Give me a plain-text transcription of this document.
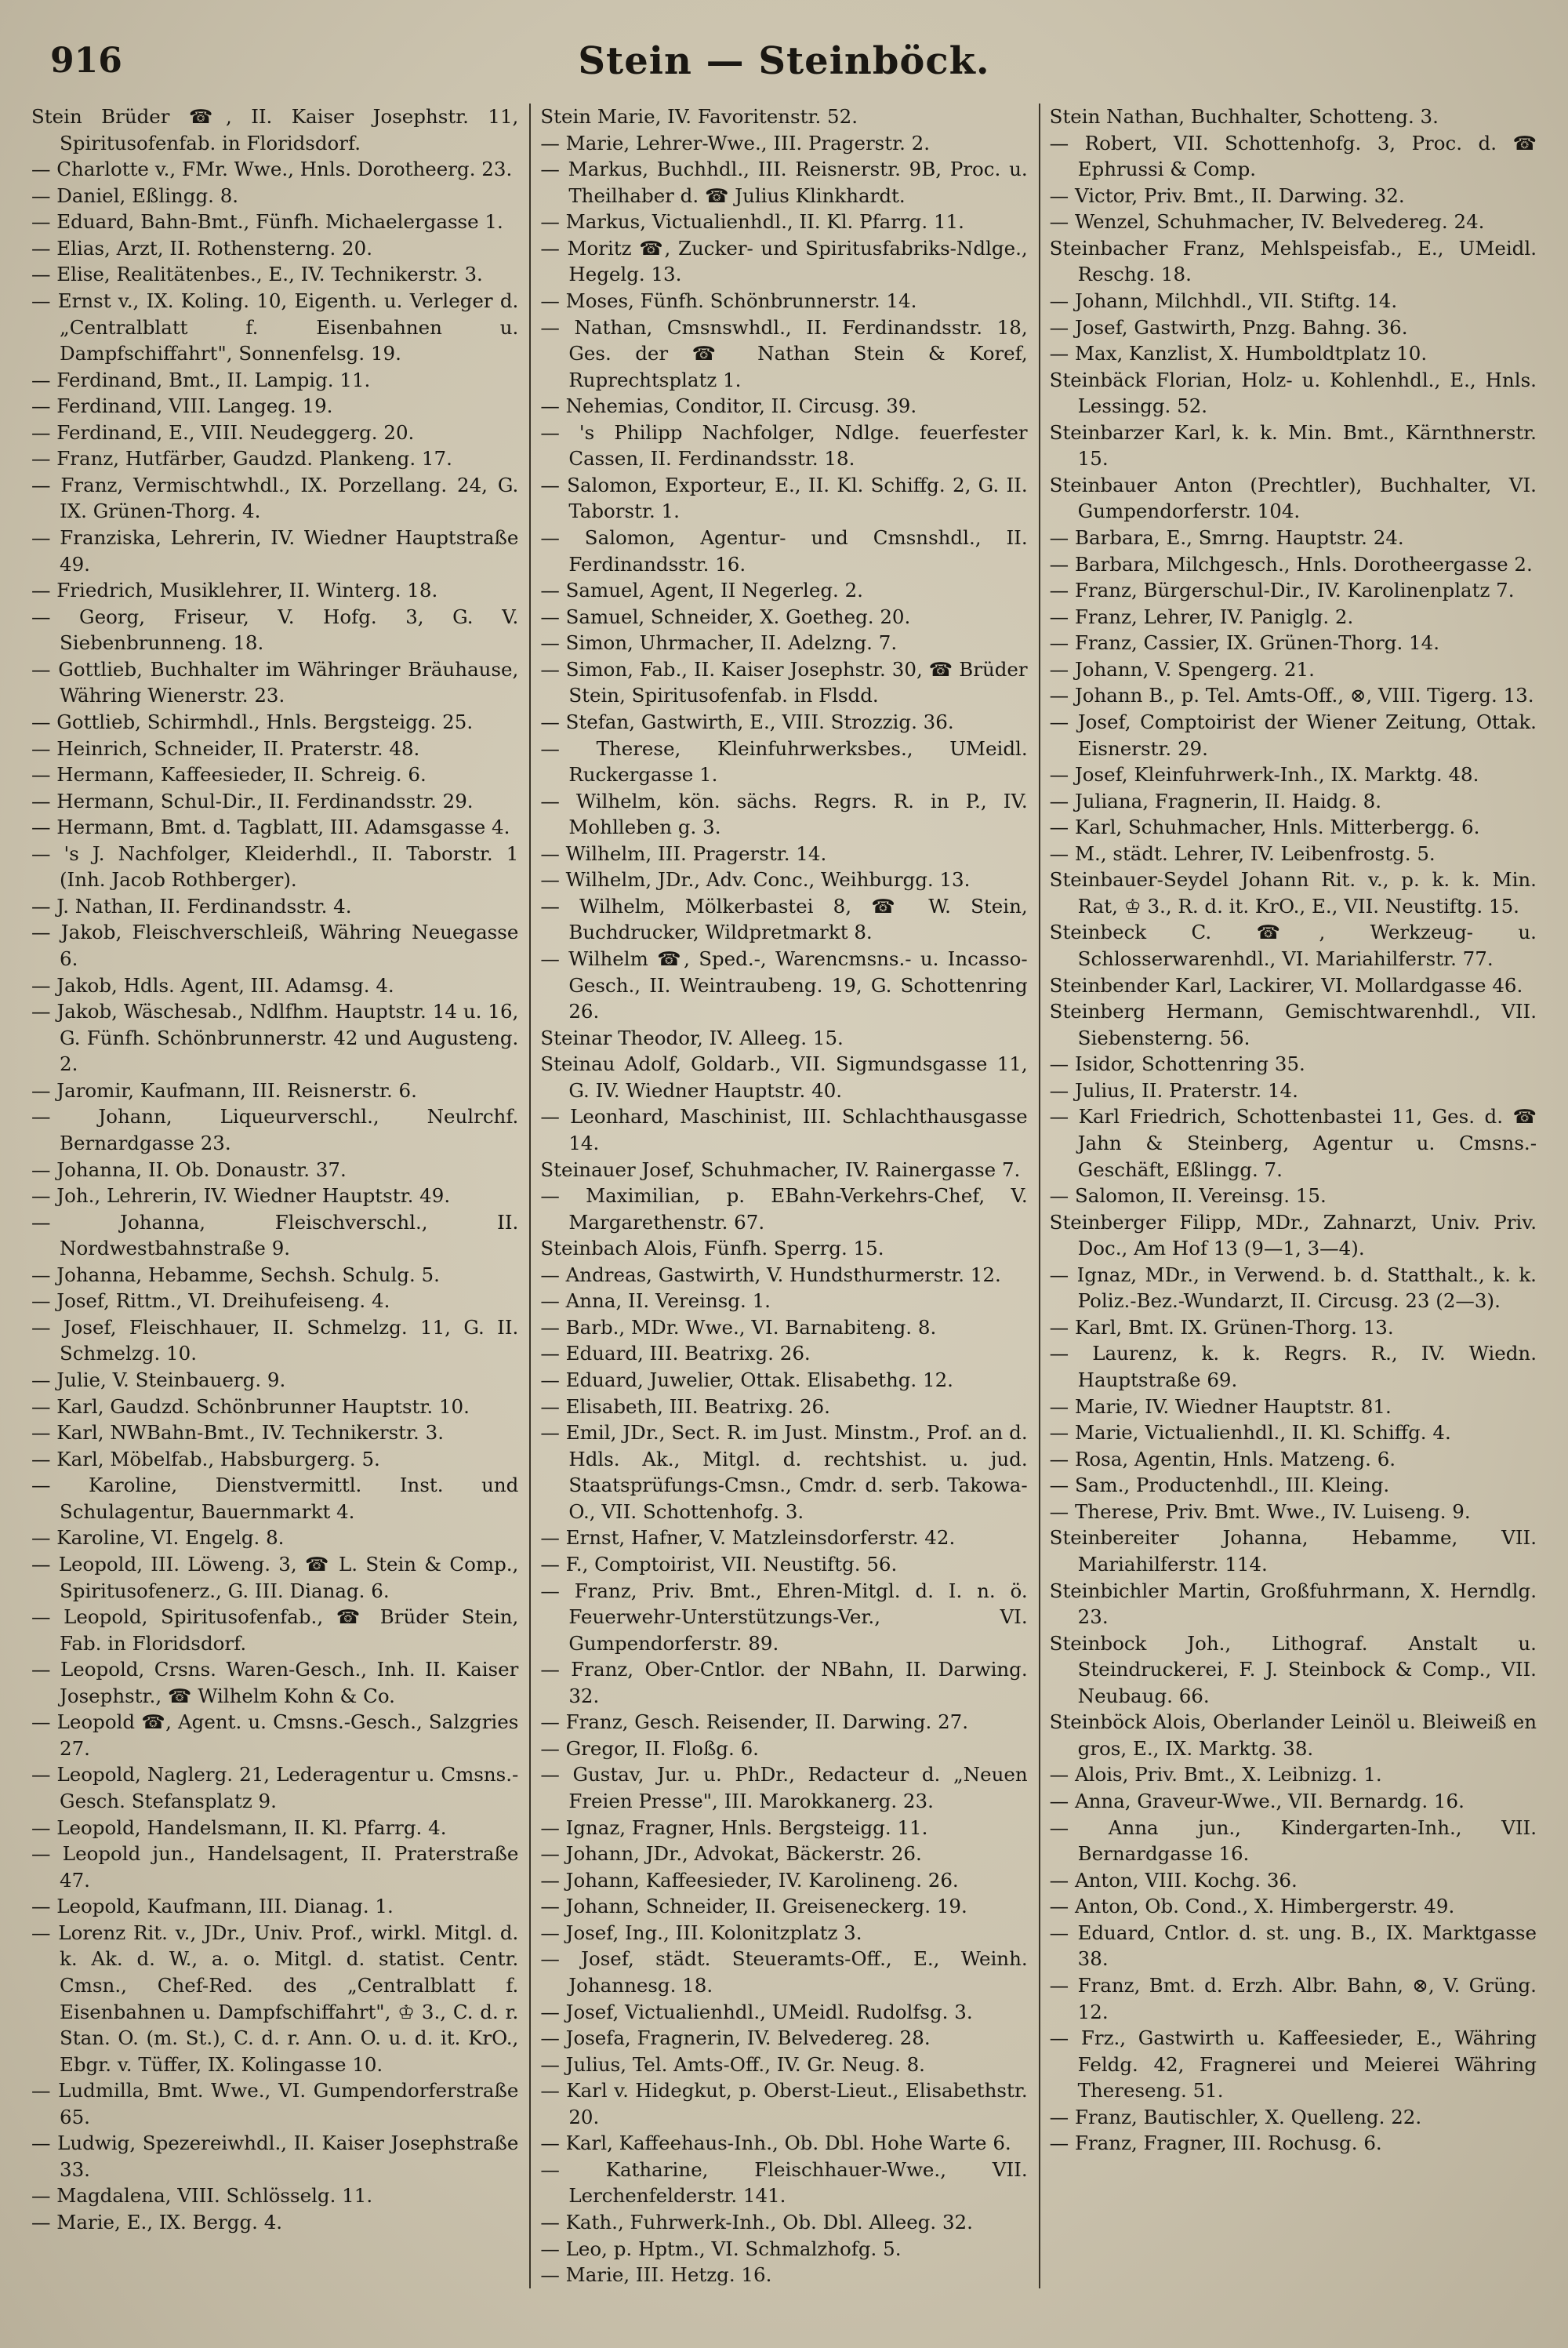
916	Stein — Steinböck.
Stein Brüder ☎, II. Kaiser Josephstr. 11, Spiritusofenfab. in Floridsdorf.
— Charlotte v., FMr. Wwe., Hnls. Dorotheerg. 23.
— Daniel, Eßlingg. 8.
— Eduard, Bahn-Bmt., Fünfh. Michaelergasse 1.
— Elias, Arzt, II. Rothensterng. 20.
— Elise, Realitätenbes., E., IV. Technikerstr. 3.
— Ernst v., IX. Koling. 10, Eigenth. u. Verleger d. „Centralblatt f. Eisenbahnen u. Dampfschiffahrt", Sonnenfelsg. 19.
— Ferdinand, Bmt., II. Lampig. 11.
— Ferdinand, VIII. Langeg. 19.
— Ferdinand, E., VIII. Neudeggerg. 20.
— Franz, Hutfärber, Gaudzd. Plankeng. 17.
— Franz, Vermischtwhdl., IX. Porzellang. 24, G. IX. Grünen-Thorg. 4.
— Franziska, Lehrerin, IV. Wiedner Hauptstraße 49.
— Friedrich, Musiklehrer, II. Winterg. 18.
— Georg, Friseur, V. Hofg. 3, G. V. Siebenbrunneng. 18.
— Gottlieb, Buchhalter im Währinger Bräuhause, Währing Wienerstr. 23.
— Gottlieb, Schirmhdl., Hnls. Bergsteigg. 25.
— Heinrich, Schneider, II. Praterstr. 48.
— Hermann, Kaffeesieder, II. Schreig. 6.
— Hermann, Schul-Dir., II. Ferdinandsstr. 29.
— Hermann, Bmt. d. Tagblatt, III. Adamsgasse 4.
— 's J. Nachfolger, Kleiderhdl., II. Taborstr. 1 (Inh. Jacob Rothberger).
— J. Nathan, II. Ferdinandsstr. 4.
— Jakob, Fleischverschleiß, Währing Neuegasse 6.
— Jakob, Hdls. Agent, III. Adamsg. 4.
— Jakob, Wäschesab., Ndlfhm. Hauptstr. 14 u. 16, G. Fünfh. Schönbrunnerstr. 42 und Augusteng. 2.
— Jaromir, Kaufmann, III. Reisnerstr. 6.
— Johann, Liqueurverschl., Neulrchf. Bernardgasse 23.
— Johanna, II. Ob. Donaustr. 37.
— Joh., Lehrerin, IV. Wiedner Hauptstr. 49.
— Johanna, Fleischverschl., II. Nordwestbahnstraße 9.
— Johanna, Hebamme, Sechsh. Schulg. 5.
— Josef, Rittm., VI. Dreihufeiseng. 4.
— Josef, Fleischhauer, II. Schmelzg. 11, G. II. Schmelzg. 10.
— Julie, V. Steinbauerg. 9.
— Karl, Gaudzd. Schönbrunner Hauptstr. 10.
— Karl, NWBahn-Bmt., IV. Technikerstr. 3.
— Karl, Möbelfab., Habsburgerg. 5.
— Karoline, Dienstvermittl. Inst. und Schulagentur, Bauernmarkt 4.
— Karoline, VI. Engelg. 8.
— Leopold, III. Löweng. 3, ☎ L. Stein & Comp., Spiritusofenerz., G. III. Dianag. 6.
— Leopold, Spiritusofenfab., ☎ Brüder Stein, Fab. in Floridsdorf.
— Leopold, Crsns. Waren-Gesch., Inh. II. Kaiser Josephstr., ☎ Wilhelm Kohn & Co.
— Leopold ☎, Agent. u. Cmsns.-Gesch., Salzgries 27.
— Leopold, Naglerg. 21, Lederagentur u. Cmsns.-Gesch. Stefansplatz 9.
— Leopold, Handelsmann, II. Kl. Pfarrg. 4.
— Leopold jun., Handelsagent, II. Praterstraße 47.
— Leopold, Kaufmann, III. Dianag. 1.
— Lorenz Rit. v., JDr., Univ. Prof., wirkl. Mitgl. d. k. Ak. d. W., a. o. Mitgl. d. statist. Centr. Cmsn., Chef-Red. des „Centralblatt f. Eisenbahnen u. Dampfschiffahrt", ♔ 3., C. d. r. Stan. O. (m. St.), C. d. r. Ann. O. u. d. it. KrO., Ebgr. v. Tüffer, IX. Kolingasse 10.
— Ludmilla, Bmt. Wwe., VI. Gumpendorferstraße 65.
— Ludwig, Spezereiwhdl., II. Kaiser Josephstraße 33.
— Magdalena, VIII. Schlösselg. 11.
— Marie, E., IX. Bergg. 4.
Stein Marie, IV. Favoritenstr. 52.
— Marie, Lehrer-Wwe., III. Pragerstr. 2.
— Markus, Buchhdl., III. Reisnerstr. 9B, Proc. u. Theilhaber d. ☎ Julius Klinkhardt.
— Markus, Victualienhdl., II. Kl. Pfarrg. 11.
— Moritz ☎, Zucker- und Spiritusfabriks-Ndlge., Hegelg. 13.
— Moses, Fünfh. Schönbrunnerstr. 14.
— Nathan, Cmsnswhdl., II. Ferdinandsstr. 18, Ges. der ☎ Nathan Stein & Koref, Ruprechtsplatz 1.
— Nehemias, Conditor, II. Circusg. 39.
— 's Philipp Nachfolger, Ndlge. feuerfester Cassen, II. Ferdinandsstr. 18.
— Salomon, Exporteur, E., II. Kl. Schiffg. 2, G. II. Taborstr. 1.
— Salomon, Agentur- und Cmsnshdl., II. Ferdinandsstr. 16.
— Samuel, Agent, II Negerleg. 2.
— Samuel, Schneider, X. Goetheg. 20.
— Simon, Uhrmacher, II. Adelzng. 7.
— Simon, Fab., II. Kaiser Josephstr. 30, ☎ Brüder Stein, Spiritusofenfab. in Flsdd.
— Stefan, Gastwirth, E., VIII. Strozzig. 36.
— Therese, Kleinfuhrwerksbes., UMeidl. Ruckergasse 1.
— Wilhelm, kön. sächs. Regrs. R. in P., IV. Mohlleben g. 3.
— Wilhelm, III. Pragerstr. 14.
— Wilhelm, JDr., Adv. Conc., Weihburgg. 13.
— Wilhelm, Mölkerbastei 8, ☎ W. Stein, Buchdrucker, Wildpretmarkt 8.
— Wilhelm ☎, Sped.-, Warencmsns.- u. Incasso-Gesch., II. Weintraubeng. 19, G. Schottenring 26.
Steinar Theodor, IV. Alleeg. 15.
Steinau Adolf, Goldarb., VII. Sigmundsgasse 11, G. IV. Wiedner Hauptstr. 40.
— Leonhard, Maschinist, III. Schlachthausgasse 14.
Steinauer Josef, Schuhmacher, IV. Rainergasse 7.
— Maximilian, p. EBahn-Verkehrs-Chef, V. Margarethenstr. 67.
Steinbach Alois, Fünfh. Sperrg. 15.
— Andreas, Gastwirth, V. Hundsthurmerstr. 12.
— Anna, II. Vereinsg. 1.
— Barb., MDr. Wwe., VI. Barnabiteng. 8.
— Eduard, III. Beatrixg. 26.
— Eduard, Juwelier, Ottak. Elisabethg. 12.
— Elisabeth, III. Beatrixg. 26.
— Emil, JDr., Sect. R. im Just. Minstm., Prof. an d. Hdls. Ak., Mitgl. d. rechtshist. u. jud. Staatsprüfungs-Cmsn., Cmdr. d. serb. Takowa-O., VII. Schottenhofg. 3.
— Ernst, Hafner, V. Matzleinsdorferstr. 42.
— F., Comptoirist, VII. Neustiftg. 56.
— Franz, Priv. Bmt., Ehren-Mitgl. d. I. n. ö. Feuerwehr-Unterstützungs-Ver., VI. Gumpendorferstr. 89.
— Franz, Ober-Cntlor. der NBahn, II. Darwing. 32.
— Franz, Gesch. Reisender, II. Darwing. 27.
— Gregor, II. Floßg. 6.
— Gustav, Jur. u. PhDr., Redacteur d. „Neuen Freien Presse", III. Marokkanerg. 23.
— Ignaz, Fragner, Hnls. Bergsteigg. 11.
— Johann, JDr., Advokat, Bäckerstr. 26.
— Johann, Kaffeesieder, IV. Karolineng. 26.
— Johann, Schneider, II. Greiseneckerg. 19.
— Josef, Ing., III. Kolonitzplatz 3.
— Josef, städt. Steueramts-Off., E., Weinh. Johannesg. 18.
— Josef, Victualienhdl., UMeidl. Rudolfsg. 3.
— Josefa, Fragnerin, IV. Belvedereg. 28.
— Julius, Tel. Amts-Off., IV. Gr. Neug. 8.
— Karl v. Hidegkut, p. Oberst-Lieut., Elisabethstr. 20.
— Karl, Kaffeehaus-Inh., Ob. Dbl. Hohe Warte 6.
— Katharine, Fleischhauer-Wwe., VII. Lerchenfelderstr. 141.
— Kath., Fuhrwerk-Inh., Ob. Dbl. Alleeg. 32.
— Leo, p. Hptm., VI. Schmalzhofg. 5.
— Marie, III. Hetzg. 16.
Stein Nathan, Buchhalter, Schotteng. 3.
— Robert, VII. Schottenhofg. 3, Proc. d. ☎ Ephrussi & Comp.
— Victor, Priv. Bmt., II. Darwing. 32.
— Wenzel, Schuhmacher, IV. Belvedereg. 24.
Steinbacher Franz, Mehlspeisfab., E., UMeidl. Reschg. 18.
— Johann, Milchhdl., VII. Stiftg. 14.
— Josef, Gastwirth, Pnzg. Bahng. 36.
— Max, Kanzlist, X. Humboldtplatz 10.
Steinbäck Florian, Holz- u. Kohlenhdl., E., Hnls. Lessingg. 52.
Steinbarzer Karl, k. k. Min. Bmt., Kärnthnerstr. 15.
Steinbauer Anton (Prechtler), Buchhalter, VI. Gumpendorferstr. 104.
— Barbara, E., Smrng. Hauptstr. 24.
— Barbara, Milchgesch., Hnls. Dorotheergasse 2.
— Franz, Bürgerschul-Dir., IV. Karolinenplatz 7.
— Franz, Lehrer, IV. Paniglg. 2.
— Franz, Cassier, IX. Grünen-Thorg. 14.
— Johann, V. Spengerg. 21.
— Johann B., p. Tel. Amts-Off., ⊗, VIII. Tigerg. 13.
— Josef, Comptoirist der Wiener Zeitung, Ottak. Eisnerstr. 29.
— Josef, Kleinfuhrwerk-Inh., IX. Marktg. 48.
— Juliana, Fragnerin, II. Haidg. 8.
— Karl, Schuhmacher, Hnls. Mitterbergg. 6.
— M., städt. Lehrer, IV. Leibenfrostg. 5.
Steinbauer-Seydel Johann Rit. v., p. k. k. Min. Rat, ♔ 3., R. d. it. KrO., E., VII. Neustiftg. 15.
Steinbeck C. ☎, Werkzeug- u. Schlosserwarenhdl., VI. Mariahilferstr. 77.
Steinbender Karl, Lackirer, VI. Mollardgasse 46.
Steinberg Hermann, Gemischtwarenhdl., VII. Siebensterng. 56.
— Isidor, Schottenring 35.
— Julius, II. Praterstr. 14.
— Karl Friedrich, Schottenbastei 11, Ges. d. ☎ Jahn & Steinberg, Agentur u. Cmsns.-Geschäft, Eßlingg. 7.
— Salomon, II. Vereinsg. 15.
Steinberger Filipp, MDr., Zahnarzt, Univ. Priv. Doc., Am Hof 13 (9—1, 3—4).
— Ignaz, MDr., in Verwend. b. d. Statthalt., k. k. Poliz.-Bez.-Wundarzt, II. Circusg. 23 (2—3).
— Karl, Bmt. IX. Grünen-Thorg. 13.
— Laurenz, k. k. Regrs. R., IV. Wiedn. Hauptstraße 69.
— Marie, IV. Wiedner Hauptstr. 81.
— Marie, Victualienhdl., II. Kl. Schiffg. 4.
— Rosa, Agentin, Hnls. Matzeng. 6.
— Sam., Productenhdl., III. Kleing.
— Therese, Priv. Bmt. Wwe., IV. Luiseng. 9.
Steinbereiter Johanna, Hebamme, VII. Mariahilferstr. 114.
Steinbichler Martin, Großfuhrmann, X. Herndlg. 23.
Steinbock Joh., Lithograf. Anstalt u. Steindruckerei, F. J. Steinbock & Comp., VII. Neubaug. 66.
Steinböck Alois, Oberlander Leinöl u. Bleiweiß en gros, E., IX. Marktg. 38.
— Alois, Priv. Bmt., X. Leibnizg. 1.
— Anna, Graveur-Wwe., VII. Bernardg. 16.
— Anna jun., Kindergarten-Inh., VII. Bernardgasse 16.
— Anton, VIII. Kochg. 36.
— Anton, Ob. Cond., X. Himbergerstr. 49.
— Eduard, Cntlor. d. st. ung. B., IX. Marktgasse 38.
— Franz, Bmt. d. Erzh. Albr. Bahn, ⊗, V. Grüng. 12.
— Frz., Gastwirth u. Kaffeesieder, E., Währing Feldg. 42, Fragnerei und Meierei Währing Thereseng. 51.
— Franz, Bautischler, X. Quelleng. 22.
— Franz, Fragner, III. Rochusg. 6.
